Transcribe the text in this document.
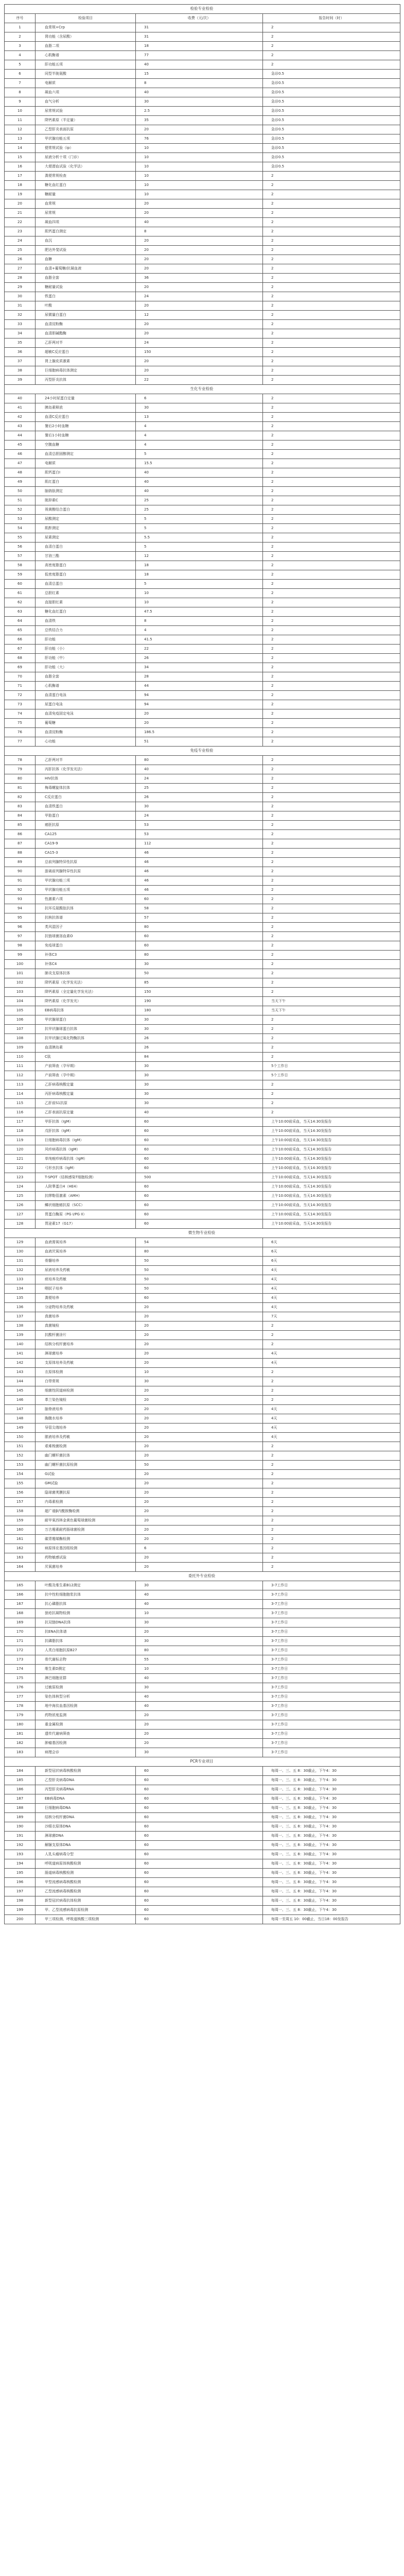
检验专业检验			
序号	检验项目	收费（元/次）	报告时间（时）
1	血常规+Crp	31	2
2	肾功能（含尿酸）	31	2
3	血脂二项	18	2
4	心肌酶谱	77	2
5	肝功能五项	40	2
6	同型半胱氨酸	15	急诊0.5
7	电解质	8	急诊0.5
8	凝血六项	40	急诊0.5
9	血气分析	30	急诊0.5
10	尿常规试验	2.5	急诊0.5
11	降钙素原（半定量）	35	急诊0.5
12	乙型肝炎表面抗原	20	急诊0.5
13	甲状腺功能五项	76	急诊0.5
14	便常规试验（ip）	10	急诊0.5
15	尿液分析十项（门诊）	10	急诊0.5
16	大便潜血试验（化学法）	10	急诊0.5
17	粪便常规检查	10	2
18	糖化血红蛋白	10	2
19	糖耐量	10	2
20	血常规	20	2
21	尿常规	20	2
22	凝血四项	40	2
23	肌钙蛋白测定	8	2
24	血沉	20	2
25	肥达外斐试验	20	2
26	血糖	20	2
27	血清+葡萄糖/抗凝血液	20	2
28	血脂全套	36	2
29	糖耐量试验	20	2
30	铁蛋白	24	2
31	叶酸	20	2
32	尿微量白蛋白	12	2
33	血清淀粉酶	20	2
34	血清胆碱酯酶	20	2
35	乙肝两对半	24	2
36	超敏C反应蛋白	150	2
37	肾上腺皮质激素	20	2
38	巨细胞病毒抗体测定	20	2
39	丙型肝炎抗体	22	2
生化专业检验			
40	24小时尿蛋白定量	6	2
41	胰岛素释放	30	2
42	血清C反应蛋白	13	2
43	餐后2小时血糖	4	2
44	餐后1小时血糖	4	2
45	空腹血糖	4	2
46	血清总胆固醇测定	5	2
47	电解质	15.5	2
48	肌钙蛋白I	40	2
49	肌红蛋白	40	2
50	脑钠肽测定	40	2
51	胱抑素C	25	2
52	视黄醇结合蛋白	25	2
53	尿酸测定	5	2
54	肌酐测定	5	2
55	尿素测定	5.5	2
56	血清白蛋白	5	2
57	甘油三酯	12	2
58	高密度脂蛋白	18	2
59	低密度脂蛋白	18	2
60	血清总蛋白	5	2
61	总胆红素	10	2
62	直接胆红素	10	2
63	糖化血红蛋白	47.5	2
64	血清铁	8	2
65	总铁结合力	4	2
66	肝功能	41.5	2
67	肝功能（小）	22	2
68	肝功能（中）	26	2
69	肝功能（大）	34	2
70	血脂全套	28	2
71	心肌酶谱	44	2
72	血清蛋白电泳	94	2
73	尿蛋白电泳	94	2
74	血清免疫固定电泳	20	2
75	葡萄糖	20	2
76	血清淀粉酶	186.5	2
77	心功能	51	2
免疫专业检验			
78	乙肝两对半	80	2
79	丙肝抗体（化学发光法）	40	2
80	HIV抗体	24	2
81	梅毒螺旋体抗体	25	2
82	C反应蛋白	26	2
83	血清铁蛋白	30	2
84	甲胎蛋白	24	2
85	癌胚抗原	53	2
86	CA125	53	2
87	CA19-9	112	2
88	CA15-3	46	2
89	总前列腺特异性抗原	46	2
90	游离前列腺特异性抗原	46	2
91	甲状腺功能三项	46	2
92	甲状腺功能五项	46	2
93	性激素六项	60	2
94	抗环瓜氨酸肽抗体	58	2
95	抗核抗体谱	57	2
96	类风湿因子	80	2
97	抗链球菌溶血素O	60	2
98	免疫球蛋白	60	2
99	补体C3	80	2
100	补体C4	30	2
101	肺炎支原体抗体	50	2
102	降钙素原（化学发光法）	85	2
103	降钙素原（全定量化学发光法）	150	2
104	降钙素原（化学发光）	190	当天下午
105	EB病毒抗体	180	当天下午
106	甲状腺球蛋白	30	2
107	抗甲状腺球蛋白抗体	30	2
108	抗甲状腺过氧化物酶抗体	26	2
109	血清胰岛素	26	2
110	C肽	84	2
111	产前筛查（孕早期）	30	5个工作日
112	产前筛查（孕中期）	30	5个工作日
113	乙肝病毒核酸定量	30	2
114	丙肝病毒核酸定量	30	2
115	乙肝前S1抗原	30	2
116	乙肝表面抗原定量	40	2
117	甲肝抗体（IgM）	60	上午10:00前采血，当天14:30发报告
118	戊肝抗体（IgM）	60	上午10:00前采血，当天14:30发报告
119	巨细胞病毒抗体（IgM）	60	上午10:00前采血，当天14:30发报告
120	风疹病毒抗体（IgM）	60	上午10:00前采血，当天14:30发报告
121	单纯疱疹病毒抗体（IgM）	60	上午10:00前采血，当天14:30发报告
122	弓形虫抗体（IgM）	60	上午10:00前采血，当天14:30发报告
123	T-SPOT（结核感染T细胞检测）	500	上午10:00前采血，当天14:30发报告
124	人附睾蛋白4（HE4）	60	上午10:00前采血，当天14:30发报告
125	抗缪勒管激素（AMH）	60	上午10:00前采血，当天14:30发报告
126	鳞状细胞癌抗原（SCC）	60	上午10:00前采血，当天14:30发报告
127	胃蛋白酶原（PG I/PG II）	60	上午10:00前采血，当天14:30发报告
128	胃泌素17（G17）	60	上午10:00前采血，当天14:30发报告
微生物专业检验			
129	血液需氧培养	54	6天
130	血液厌氧培养	80	6天
131	骨髓培养	50	6天
132	尿液培养及药敏	50	4天
133	痰培养及药敏	50	4天
134	咽拭子培养	50	4天
135	粪便培养	60	4天
136	分泌物培养及药敏	20	4天
137	真菌培养	20	7天
138	真菌镜检	20	2
139	抗酸杆菌涂片	20	2
140	结核分枝杆菌培养	20	2
141	淋球菌培养	20	4天
142	支原体培养及药敏	20	4天
143	衣原体检测	10	2
144	白带常规	30	2
145	细菌性阴道病检测	20	2
146	革兰染色镜检	20	2
147	脑脊液培养	20	4天
148	胸腹水培养	20	4天
149	导管尖端培养	20	4天
150	脓液培养及药敏	20	4天
151	艰难梭菌检测	20	2
152	幽门螺杆菌抗体	20	2
153	幽门螺杆菌抗原检测	50	2
154	G试验	20	2
155	GM试验	20	2
156	隐球菌荚膜抗原	20	2
157	内毒素检测	20	2
158	超广谱β内酰胺酶检测	20	2
159	耐甲氧西林金黄色葡萄球菌检测	20	2
160	万古霉素耐药肠球菌检测	20	2
161	碳青霉烯酶检测	20	2
162	病原体宏基因组检测	6	2
163	药物敏感试验	20	2
164	厌氧菌培养	20	2
委托外专业检验			
165	叶酸及维生素B12测定	30	3-7工作日
166	抗中性粒细胞胞浆抗体	40	3-7工作日
167	抗心磷脂抗体	40	3-7工作日
168	狼疮抗凝物检测	10	3-7工作日
169	抗双链DNA抗体	30	3-7工作日
170	抗ENA抗体谱	20	3-7工作日
171	抗磷脂抗体	30	3-7工作日
172	人类白细胞抗原B27	80	3-7工作日
173	骨代谢标志物	55	3-7工作日
174	维生素D测定	10	3-7工作日
175	淋巴细胞亚群	40	3-7工作日
176	过敏原检测	30	3-7工作日
177	染色体核型分析	40	3-7工作日
178	地中海贫血基因检测	40	3-7工作日
179	药物浓度监测	20	3-7工作日
180	重金属检测	20	3-7工作日
181	遗传代谢病筛查	20	3-7工作日
182	肿瘤基因检测	20	3-7工作日
183	病理会诊	30	3-7工作日
PCR专业项目			
184	新型冠状病毒核酸检测	60	每周一、三、五 8：30截止，下午4：30
185	乙型肝炎病毒DNA	60	每周一、三、五 8：30截止，下午4：30
186	丙型肝炎病毒RNA	60	每周一、三、五 8：30截止，下午4：30
187	EB病毒DNA	60	每周一、三、五 8：30截止，下午4：30
188	巨细胞病毒DNA	60	每周一、三、五 8：30截止，下午4：30
189	结核分枝杆菌DNA	60	每周一、三、五 8：30截止，下午4：30
190	沙眼衣原体DNA	60	每周一、三、五 8：30截止，下午4：30
191	淋球菌DNA	60	每周一、三、五 8：30截止，下午4：30
192	解脲支原体DNA	60	每周一、三、五 8：30截止，下午4：30
193	人乳头瘤病毒分型	60	每周一、三、五 8：30截止，下午4：30
194	呼吸道病原体核酸检测	60	每周一、三、五 8：30截止，下午4：30
195	肠道病毒核酸检测	60	每周一、三、五 8：30截止，下午4：30
196	甲型流感病毒核酸检测	60	每周一、三、五 8：30截止，下午4：30
197	乙型流感病毒核酸检测	60	每周一、三、五 8：30截止，下午4：30
198	新型冠状病毒抗体检测	60	每周一、三、五 8：30截止，下午4：30
199	甲、乙型流感病毒抗原检测	60	每周一、三、五 8：30截止，下午4：30
200	甲三项检测、呼吸道核酸三项检测	60	每周一至周五 10：00截止，当日18：00发报告
